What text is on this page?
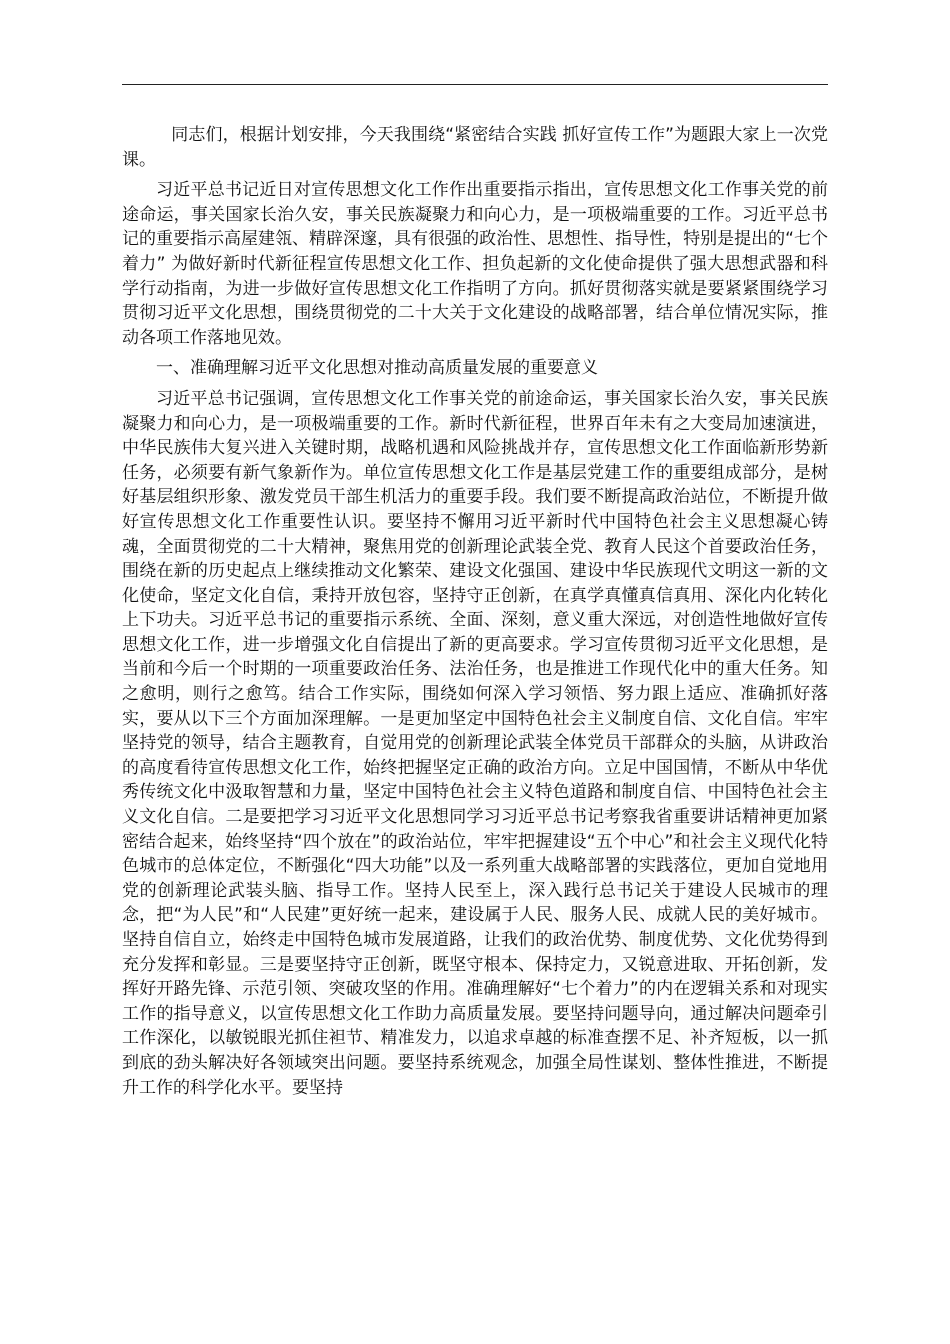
同志们，根据计划安排，今天我围绕“紧密结合实践 抓好宣传工作”为题跟大家上一次党课。

习近平总书记近日对宣传思想文化工作作出重要指示指出，宣传思想文化工作事关党的前途命运，事关国家长治久安，事关民族凝聚力和向心力，是一项极端重要的工作。习近平总书记的重要指示高屋建瓴、精辟深邃，具有很强的政治性、思想性、指导性，特别是提出的“七个着力” 为做好新时代新征程宣传思想文化工作、担负起新的文化使命提供了强大思想武器和科学行动指南，为进一步做好宣传思想文化工作指明了方向。抓好贯彻落实就是要紧紧围绕学习贯彻习近平文化思想，围绕贯彻党的二十大关于文化建设的战略部署，结合单位情况实际，推动各项工作落地见效。

一、准确理解习近平文化思想对推动高质量发展的重要意义

习近平总书记强调，宣传思想文化工作事关党的前途命运，事关国家长治久安，事关民族凝聚力和向心力，是一项极端重要的工作。新时代新征程，世界百年未有之大变局加速演进，中华民族伟大复兴进入关键时期，战略机遇和风险挑战并存，宣传思想文化工作面临新形势新任务，必须要有新气象新作为。单位宣传思想文化工作是基层党建工作的重要组成部分，是树好基层组织形象、激发党员干部生机活力的重要手段。我们要不断提高政治站位，不断提升做好宣传思想文化工作重要性认识。要坚持不懈用习近平新时代中国特色社会主义思想凝心铸魂，全面贯彻党的二十大精神，聚焦用党的创新理论武装全党、教育人民这个首要政治任务，围绕在新的历史起点上继续推动文化繁荣、建设文化强国、建设中华民族现代文明这一新的文化使命，坚定文化自信，秉持开放包容，坚持守正创新，在真学真懂真信真用、深化内化转化上下功夫。习近平总书记的重要指示系统、全面、深刻，意义重大深远，对创造性地做好宣传思想文化工作，进一步增强文化自信提出了新的更高要求。学习宣传贯彻习近平文化思想，是当前和今后一个时期的一项重要政治任务、法治任务，也是推进工作现代化中的重大任务。知之愈明，则行之愈笃。结合工作实际，围绕如何深入学习领悟、努力跟上适应、准确抓好落实，要从以下三个方面加深理解。一是更加坚定中国特色社会主义制度自信、文化自信。牢牢坚持党的领导，结合主题教育，自觉用党的创新理论武装全体党员干部群众的头脑，从讲政治的高度看待宣传思想文化工作，始终把握坚定正确的政治方向。立足中国国情，不断从中华优秀传统文化中汲取智慧和力量，坚定中国特色社会主义特色道路和制度自信、中国特色社会主义文化自信。二是要把学习习近平文化思想同学习习近平总书记考察我省重要讲话精神更加紧密结合起来，始终坚持“四个放在”的政治站位，牢牢把握建设“五个中心”和社会主义现代化特色城市的总体定位，不断强化“四大功能”以及一系列重大战略部署的实践落位，更加自觉地用党的创新理论武装头脑、指导工作。坚持人民至上，深入践行总书记关于建设人民城市的理念，把“为人民”和“人民建”更好统一起来，建设属于人民、服务人民、成就人民的美好城市。坚持自信自立，始终走中国特色城市发展道路，让我们的政治优势、制度优势、文化优势得到充分发挥和彰显。三是要坚持守正创新，既坚守根本、保持定力，又锐意进取、开拓创新，发挥好开路先锋、示范引领、突破攻坚的作用。准确理解好“七个着力”的内在逻辑关系和对现实工作的指导意义，以宣传思想文化工作助力高质量发展。要坚持问题导向，通过解决问题牵引工作深化，以敏锐眼光抓住袒节、精准发力，以追求卓越的标准查摆不足、补齐短板，以一抓到底的劲头解决好各领域突出问题。要坚持系统观念，加强全局性谋划、整体性推进，不断提升工作的科学化水平。要坚持
